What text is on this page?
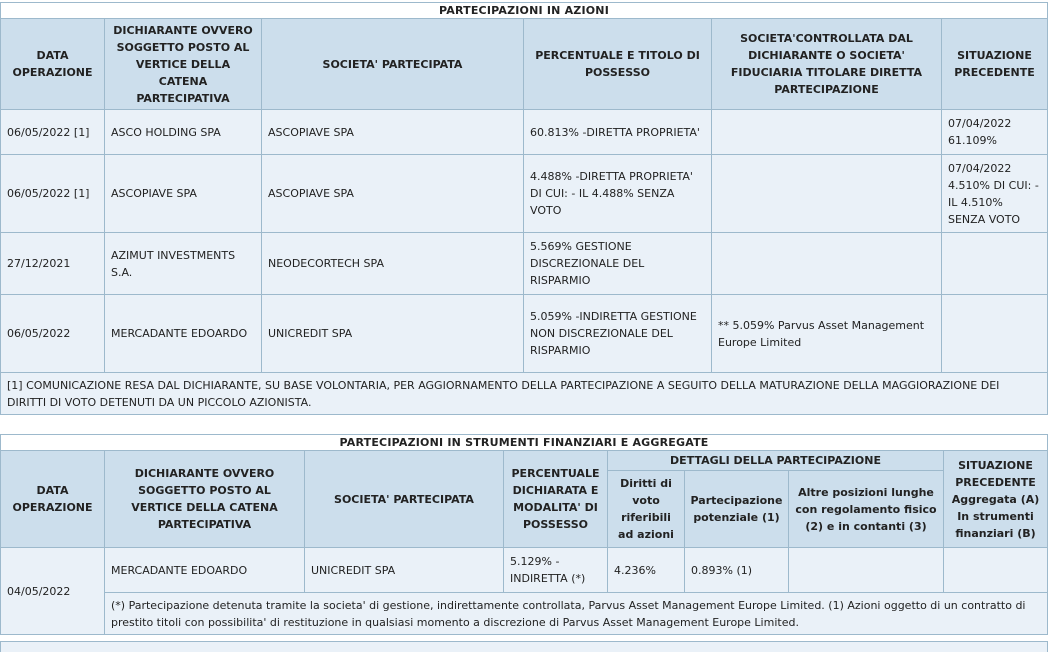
PARTECIPAZIONI IN AZIONI					
DATA OPERAZIONE	DICHIARANTE OVVERO SOGGETTO POSTO AL VERTICE DELLA CATENA PARTECIPATIVA	SOCIETA' PARTECIPATA	PERCENTUALE E TITOLO DI POSSESSO	SOCIETA'CONTROLLATA DAL DICHIARANTE O SOCIETA' FIDUCIARIA TITOLARE DIRETTA PARTECIPAZIONE	SITUAZIONE PRECEDENTE
06/05/2022 [1]	ASCO HOLDING SPA	ASCOPIAVE SPA	60.813% -DIRETTA PROPRIETA'		07/04/2022 61.109%
06/05/2022 [1]	ASCOPIAVE SPA	ASCOPIAVE SPA	4.488% -DIRETTA PROPRIETA' DI CUI: - IL 4.488% SENZA VOTO		07/04/2022 4.510% DI CUI: - IL 4.510% SENZA VOTO
27/12/2021	AZIMUT INVESTMENTS S.A.	NEODECORTECH SPA	5.569% GESTIONE DISCREZIONALE DEL RISPARMIO		
06/05/2022	MERCADANTE EDOARDO	UNICREDIT SPA	5.059% -INDIRETTA GESTIONE NON DISCREZIONALE DEL RISPARMIO	** 5.059% Parvus Asset Management Europe Limited	
[1] COMUNICAZIONE RESA DAL DICHIARANTE, SU BASE VOLONTARIA, PER AGGIORNAMENTO DELLA PARTECIPAZIONE A SEGUITO DELLA MATURAZIONE DELLA MAGGIORAZIONE DEI DIRITTI DI VOTO DETENUTI DA UN PICCOLO AZIONISTA.					
PARTECIPAZIONI IN STRUMENTI FINANZIARI E AGGREGATE							
DATA OPERAZIONE	DICHIARANTE OVVERO SOGGETTO POSTO AL VERTICE DELLA CATENA PARTECIPATIVA	SOCIETA' PARTECIPATA	PERCENTUALE DICHIARATA E MODALITA' DI POSSESSO	DETTAGLI DELLA PARTECIPAZIONE			SITUAZIONE PRECEDENTE Aggregata (A) In strumenti finanziari (B)
				Diritti di voto riferibili ad azioni	Partecipazione potenziale (1)	Altre posizioni lunghe con regolamento fisico (2) e in contanti (3)	
04/05/2022	MERCADANTE EDOARDO	UNICREDIT SPA	5.129% -INDIRETTA (*)	4.236%	0.893% (1)		
	(*) Partecipazione detenuta tramite la societa' di gestione, indirettamente controllata, Parvus Asset Management Europe Limited. (1) Azioni oggetto di un contratto di prestito titoli con possibilita' di restituzione in qualsiasi momento a discrezione di Parvus Asset Management Europe Limited.						
